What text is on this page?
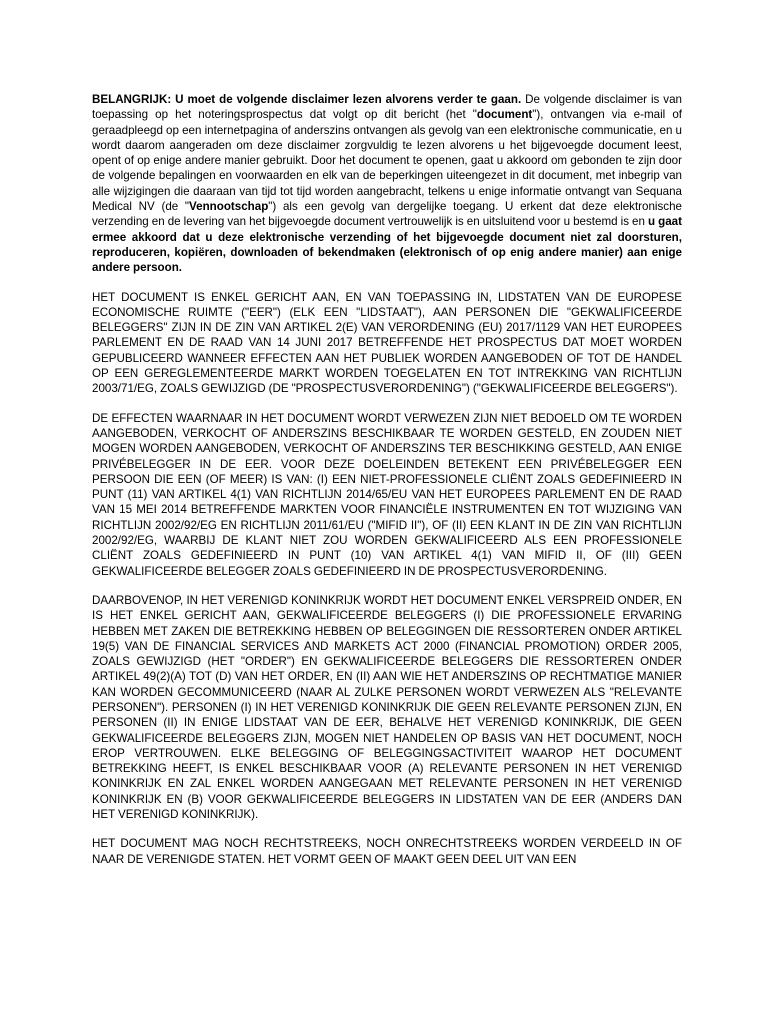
BELANGRIJK: U moet de volgende disclaimer lezen alvorens verder te gaan. De volgende disclaimer is van toepassing op het noteringsprospectus dat volgt op dit bericht (het "document"), ontvangen via e-mail of geraadpleegd op een internetpagina of anderszins ontvangen als gevolg van een elektronische communicatie, en u wordt daarom aangeraden om deze disclaimer zorgvuldig te lezen alvorens u het bijgevoegde document leest, opent of op enige andere manier gebruikt. Door het document te openen, gaat u akkoord om gebonden te zijn door de volgende bepalingen en voorwaarden en elk van de beperkingen uiteengezet in dit document, met inbegrip van alle wijzigingen die daaraan van tijd tot tijd worden aangebracht, telkens u enige informatie ontvangt van Sequana Medical NV (de "Vennootschap") als een gevolg van dergelijke toegang. U erkent dat deze elektronische verzending en de levering van het bijgevoegde document vertrouwelijk is en uitsluitend voor u bestemd is en u gaat ermee akkoord dat u deze elektronische verzending of het bijgevoegde document niet zal doorsturen, reproduceren, kopiëren, downloaden of bekendmaken (elektronisch of op enig andere manier) aan enige andere persoon.

HET DOCUMENT IS ENKEL GERICHT AAN, EN VAN TOEPASSING IN, LIDSTATEN VAN DE EUROPESE ECONOMISCHE RUIMTE ("EER") (ELK EEN "LIDSTAAT"), AAN PERSONEN DIE "GEKWALIFICEERDE BELEGGERS" ZIJN IN DE ZIN VAN ARTIKEL 2(E) VAN VERORDENING (EU) 2017/1129 VAN HET EUROPEES PARLEMENT EN DE RAAD VAN 14 JUNI 2017 BETREFFENDE HET PROSPECTUS DAT MOET WORDEN GEPUBLICEERD WANNEER EFFECTEN AAN HET PUBLIEK WORDEN AANGEBODEN OF TOT DE HANDEL OP EEN GEREGLEMENTEERDE MARKT WORDEN TOEGELATEN EN TOT INTREKKING VAN RICHTLIJN 2003/71/EG, ZOALS GEWIJZIGD (DE "PROSPECTUSVERORDENING") ("GEKWALIFICEERDE BELEGGERS").

DE EFFECTEN WAARNAAR IN HET DOCUMENT WORDT VERWEZEN ZIJN NIET BEDOELD OM TE WORDEN AANGEBODEN, VERKOCHT OF ANDERSZINS BESCHIKBAAR TE WORDEN GESTELD, EN ZOUDEN NIET MOGEN WORDEN AANGEBODEN, VERKOCHT OF ANDERSZINS TER BESCHIKKING GESTELD, AAN ENIGE PRIVÉBELEGGER IN DE EER. VOOR DEZE DOELEINDEN BETEKENT EEN PRIVÉBELEGGER EEN PERSOON DIE EEN (OF MEER) IS VAN: (I) EEN NIET-PROFESSIONELE CLIËNT ZOALS GEDEFINIEERD IN PUNT (11) VAN ARTIKEL 4(1) VAN RICHTLIJN 2014/65/EU VAN HET EUROPEES PARLEMENT EN DE RAAD VAN 15 MEI 2014 BETREFFENDE MARKTEN VOOR FINANCIËLE INSTRUMENTEN EN TOT WIJZIGING VAN RICHTLIJN 2002/92/EG EN RICHTLIJN 2011/61/EU ("MIFID II"), OF (II) EEN KLANT IN DE ZIN VAN RICHTLIJN 2002/92/EG, WAARBIJ DE KLANT NIET ZOU WORDEN GEKWALIFICEERD ALS EEN PROFESSIONELE CLIËNT ZOALS GEDEFINIEERD IN PUNT (10) VAN ARTIKEL 4(1) VAN MIFID II, OF (III) GEEN GEKWALIFICEERDE BELEGGER ZOALS GEDEFINIEERD IN DE PROSPECTUSVERORDENING.

DAARBOVENOP, IN HET VERENIGD KONINKRIJK WORDT HET DOCUMENT ENKEL VERSPREID ONDER, EN IS HET ENKEL GERICHT AAN, GEKWALIFICEERDE BELEGGERS (I) DIE PROFESSIONELE ERVARING HEBBEN MET ZAKEN DIE BETREKKING HEBBEN OP BELEGGINGEN DIE RESSORTEREN ONDER ARTIKEL 19(5) VAN DE FINANCIAL SERVICES AND MARKETS ACT 2000 (FINANCIAL PROMOTION) ORDER 2005, ZOALS GEWIJZIGD (HET "ORDER") EN GEKWALIFICEERDE BELEGGERS DIE RESSORTEREN ONDER ARTIKEL 49(2)(A) TOT (D) VAN HET ORDER, EN (II) AAN WIE HET ANDERSZINS OP RECHTMATIGE MANIER KAN WORDEN GECOMMUNICEERD (NAAR AL ZULKE PERSONEN WORDT VERWEZEN ALS "RELEVANTE PERSONEN"). PERSONEN (I) IN HET VERENIGD KONINKRIJK DIE GEEN RELEVANTE PERSONEN ZIJN, EN PERSONEN (II) IN ENIGE LIDSTAAT VAN DE EER, BEHALVE HET VERENIGD KONINKRIJK, DIE GEEN GEKWALIFICEERDE BELEGGERS ZIJN, MOGEN NIET HANDELEN OP BASIS VAN HET DOCUMENT, NOCH EROP VERTROUWEN. ELKE BELEGGING OF BELEGGINGSACTIVITEIT WAAROP HET DOCUMENT BETREKKING HEEFT, IS ENKEL BESCHIKBAAR VOOR (A) RELEVANTE PERSONEN IN HET VERENIGD KONINKRIJK EN ZAL ENKEL WORDEN AANGEGAAN MET RELEVANTE PERSONEN IN HET VERENIGD KONINKRIJK EN (B) VOOR GEKWALIFICEERDE BELEGGERS IN LIDSTATEN VAN DE EER (ANDERS DAN HET VERENIGD KONINKRIJK).

HET DOCUMENT MAG NOCH RECHTSTREEKS, NOCH ONRECHTSTREEKS WORDEN VERDEELD IN OF NAAR DE VERENIGDE STATEN. HET VORMT GEEN OF MAAKT GEEN DEEL UIT VAN EEN
